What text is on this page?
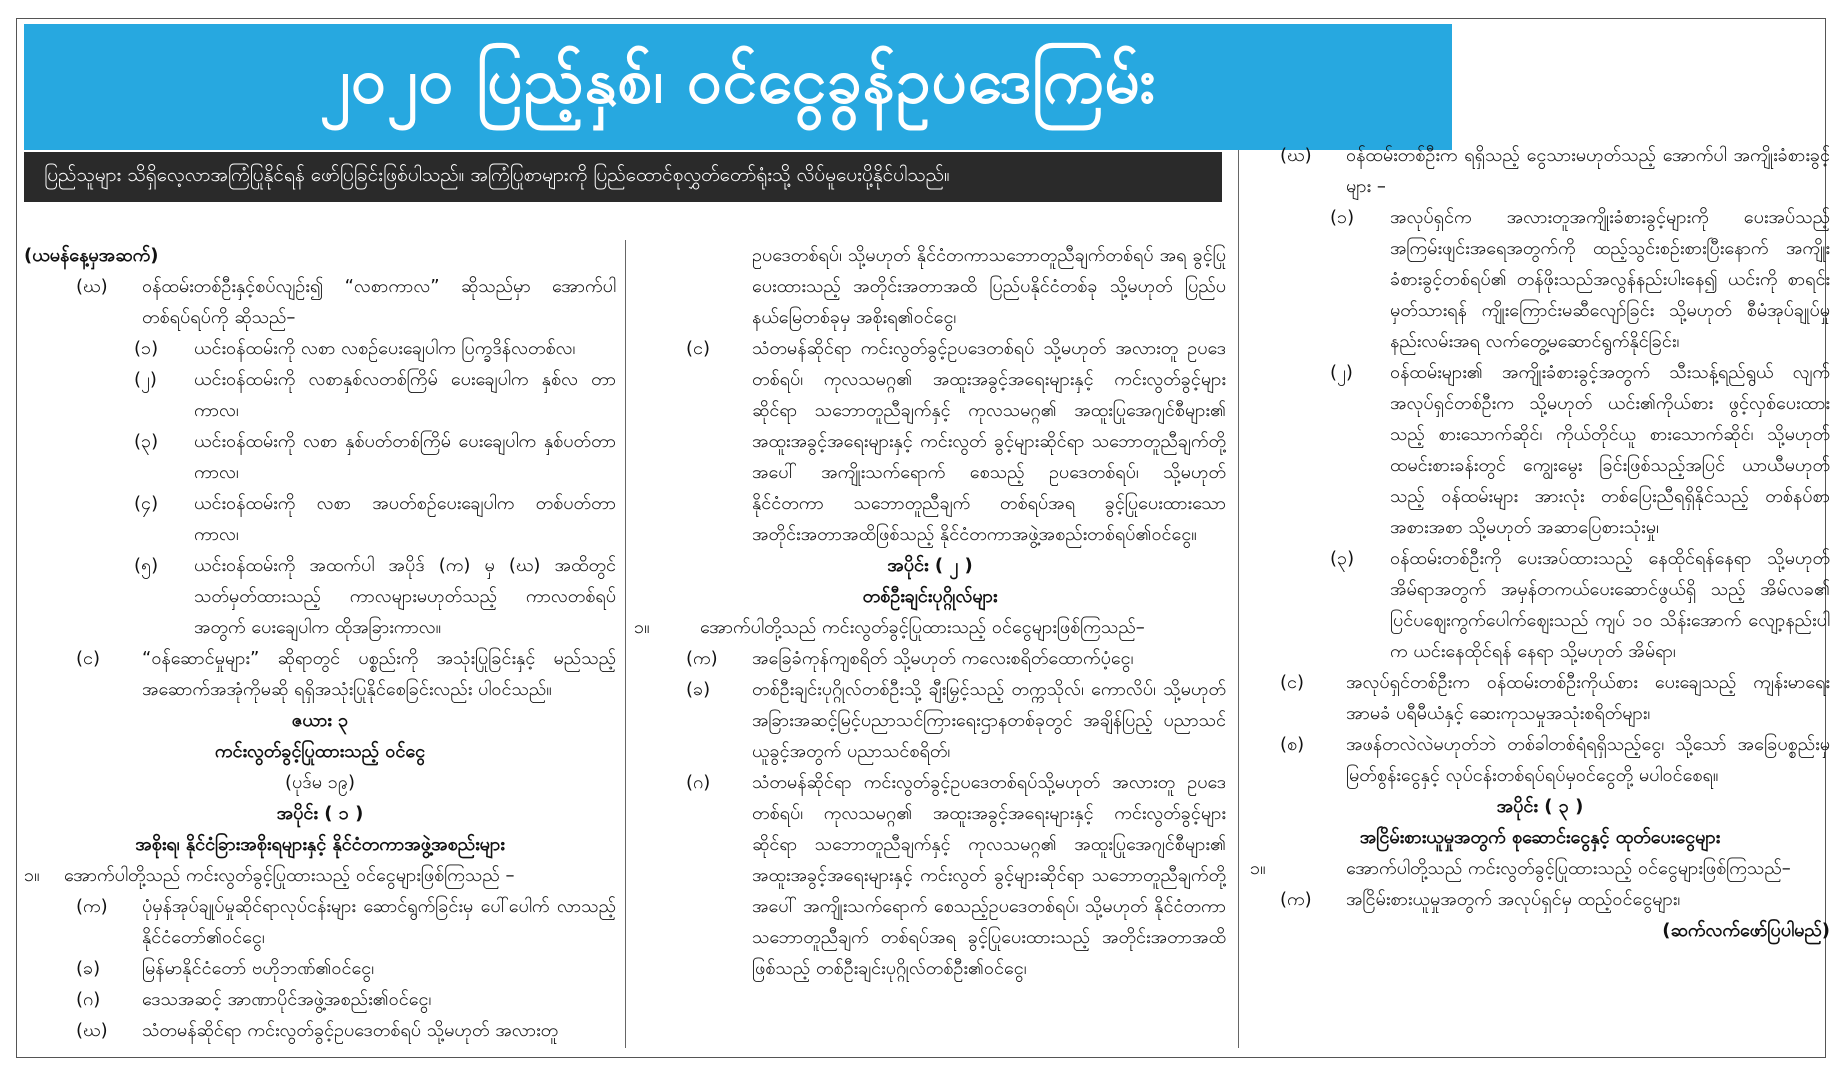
၂၀၂၀ ပြည့်နှစ်၊ ဝင်ငွေခွန်ဥပဒေကြမ်း
ပြည်သူများ သိရှိလေ့လာအကြံပြုနိုင်ရန် ဖော်ပြခြင်းဖြစ်ပါသည်။ အကြံပြုစာများကို ပြည်ထောင်စုလွှတ်တော်ရုံးသို့ လိပ်မူပေးပို့နိုင်ပါသည်။
(ယမန်နေ့မှအဆက်)
(ဃ)	ဝန်ထမ်းတစ်ဦးနှင့်စပ်လျဉ်း၍ “လစာကာလ” ဆိုသည်မှာ အောက်ပါတစ်ရပ်ရပ်ကို ဆိုသည်–
(၁)	ယင်းဝန်ထမ်းကို လစာ လစဉ်ပေးချေပါက ပြက္ခဒိန်လတစ်လ၊
(၂)	ယင်းဝန်ထမ်းကို လစာနှစ်လတစ်ကြိမ် ပေးချေပါက နှစ်လ တာကာလ၊
(၃)	ယင်းဝန်ထမ်းကို လစာ နှစ်ပတ်တစ်ကြိမ် ပေးချေပါက နှစ်ပတ်တာကာလ၊
(၄)	ယင်းဝန်ထမ်းကို လစာ အပတ်စဉ်ပေးချေပါက တစ်ပတ်တာ ကာလ၊
(၅)	ယင်းဝန်ထမ်းကို အထက်ပါ အပိုဒ် (က) မှ (ဃ) အထိတွင် သတ်မှတ်ထားသည့် ကာလများမဟုတ်သည့် ကာလတစ်ရပ် အတွက် ပေးချေပါက ထိုအခြားကာလ။
(င)	“ဝန်ဆောင်မှုများ” ဆိုရာတွင် ပစ္စည်းကို အသုံးပြုခြင်းနှင့် မည်သည့် အဆောက်အအုံကိုမဆို ရရှိအသုံးပြုနိုင်စေခြင်းလည်း ပါဝင်သည်။
ဇယား ၃
ကင်းလွတ်ခွင့်ပြုထားသည့် ဝင်ငွေ
(ပုဒ်မ ၁၉)
အပိုင်း ( ၁ )
အစိုးရ၊ နိုင်ငံခြားအစိုးရများနှင့် နိုင်ငံတကာအဖွဲ့အစည်းများ
၁။	အောက်ပါတို့သည် ကင်းလွတ်ခွင့်ပြုထားသည့် ဝင်ငွေများဖြစ်ကြသည် –
(က)	ပုံမှန်အုပ်ချုပ်မှုဆိုင်ရာလုပ်ငန်းများ ဆောင်ရွက်ခြင်းမှ ပေါ်ပေါက် လာသည့် နိုင်ငံတော်၏ဝင်ငွေ၊
(ခ)	မြန်မာနိုင်ငံတော် ဗဟိုဘဏ်၏ဝင်ငွေ၊
(ဂ)	ဒေသအဆင့် အာဏာပိုင်အဖွဲ့အစည်း၏ဝင်ငွေ၊
(ဃ)	သံတမန်ဆိုင်ရာ ကင်းလွတ်ခွင့်ဥပဒေတစ်ရပ် သို့မဟုတ် အလားတူ
ဥပဒေတစ်ရပ်၊ သို့မဟုတ် နိုင်ငံတကာသဘောတူညီချက်တစ်ရပ် အရ ခွင့်ပြုပေးထားသည့် အတိုင်းအတာအထိ ပြည်ပနိုင်ငံတစ်ခု သို့မဟုတ် ပြည်ပနယ်မြေတစ်ခုမှ အစိုးရ၏ဝင်ငွေ၊
(င)	သံတမန်ဆိုင်ရာ ကင်းလွတ်ခွင့်ဥပဒေတစ်ရပ် သို့မဟုတ် အလားတူ ဥပဒေတစ်ရပ်၊ ကုလသမဂ္ဂ၏ အထူးအခွင့်အရေးများနှင့် ကင်းလွတ်ခွင့်များဆိုင်ရာ သဘောတူညီချက်နှင့် ကုလသမဂ္ဂ၏ အထူးပြုအေဂျင်စီများ၏ အထူးအခွင့်အရေးများနှင့် ကင်းလွတ် ခွင့်များဆိုင်ရာ သဘောတူညီချက်တို့အပေါ် အကျိုးသက်ရောက် စေသည့် ဥပဒေတစ်ရပ်၊ သို့မဟုတ် နိုင်ငံတကာ သဘောတူညီချက် တစ်ရပ်အရ ခွင့်ပြုပေးထားသော အတိုင်းအတာအထိဖြစ်သည့် နိုင်ငံတကာအဖွဲ့အစည်းတစ်ရပ်၏ဝင်ငွေ။
အပိုင်း ( ၂ )
တစ်ဦးချင်းပုဂ္ဂိုလ်များ
၁။	အောက်ပါတို့သည် ကင်းလွတ်ခွင့်ပြုထားသည့် ဝင်ငွေများဖြစ်ကြသည်–
(က)	အခြေခံကုန်ကျစရိတ် သို့မဟုတ် ကလေးစရိတ်ထောက်ပံ့ငွေ၊
(ခ)	တစ်ဦးချင်းပုဂ္ဂိုလ်တစ်ဦးသို့ ချီးမြှင့်သည့် တက္ကသိုလ်၊ ကောလိပ်၊ သို့မဟုတ် အခြားအဆင့်မြင့်ပညာသင်ကြားရေးဌာနတစ်ခုတွင် အချိန်ပြည့် ပညာသင်ယူခွင့်အတွက် ပညာသင်စရိတ်၊
(ဂ)	သံတမန်ဆိုင်ရာ ကင်းလွတ်ခွင့်ဥပဒေတစ်ရပ်သို့မဟုတ် အလားတူ ဥပဒေတစ်ရပ်၊ ကုလသမဂ္ဂ၏ အထူးအခွင့်အရေးများနှင့် ကင်းလွတ်ခွင့်များဆိုင်ရာ သဘောတူညီချက်နှင့် ကုလသမဂ္ဂ၏ အထူးပြုအေဂျင်စီများ၏ အထူးအခွင့်အရေးများနှင့် ကင်းလွတ် ခွင့်များဆိုင်ရာ သဘောတူညီချက်တို့အပေါ် အကျိုးသက်ရောက် စေသည့်ဥပဒေတစ်ရပ်၊ သို့မဟုတ် နိုင်ငံတကာ သဘောတူညီချက် တစ်ရပ်အရ ခွင့်ပြုပေးထားသည့် အတိုင်းအတာအထိဖြစ်သည့် တစ်ဦးချင်းပုဂ္ဂိုလ်တစ်ဦး၏ဝင်ငွေ၊
(ဃ)	ဝန်ထမ်းတစ်ဦးက ရရှိသည့် ငွေသားမဟုတ်သည့် အောက်ပါ အကျိုးခံစားခွင့်များ –
(၁)	အလုပ်ရှင်က အလားတူအကျိုးခံစားခွင့်များကို ပေးအပ်သည့် အကြမ်းဖျင်းအရေအတွက်ကို ထည့်သွင်းစဉ်းစားပြီးနောက် အကျိုး ခံစားခွင့်တစ်ရပ်၏ တန်ဖိုးသည်အလွန်နည်းပါးနေ၍ ယင်းကို စာရင်းမှတ်သားရန် ကျိုးကြောင်းမဆီလျော်ခြင်း သို့မဟုတ် စီမံအုပ်ချုပ်မှုနည်းလမ်းအရ လက်တွေ့မဆောင်ရွက်နိုင်ခြင်း၊
(၂)	ဝန်ထမ်းများ၏ အကျိုးခံစားခွင့်အတွက် သီးသန့်ရည်ရွယ် လျက် အလုပ်ရှင်တစ်ဦးက သို့မဟုတ် ယင်း၏ကိုယ်စား ဖွင့်လှစ်ပေးထားသည့် စားသောက်ဆိုင်၊ ကိုယ်တိုင်ယူ စားသောက်ဆိုင်၊ သို့မဟုတ် ထမင်းစားခန်းတွင် ကျွေးမွေး ခြင်းဖြစ်သည့်အပြင် ယာယီမဟုတ်သည့် ဝန်ထမ်းများ အားလုံး တစ်ပြေးညီရရှိနိုင်သည့် တစ်နပ်စာအစားအစာ သို့မဟုတ် အဆာပြေစားသုံးမှု၊
(၃)	ဝန်ထမ်းတစ်ဦးကို ပေးအပ်ထားသည့် နေထိုင်ရန်နေရာ သို့မဟုတ် အိမ်ရာအတွက် အမှန်တကယ်ပေးဆောင်ဖွယ်ရှိ သည့် အိမ်လခ၏ ပြင်ပဈေးကွက်ပေါက်ဈေးသည် ကျပ် ၁၀ သိန်းအောက် လျော့နည်းပါက ယင်းနေထိုင်ရန် နေရာ သို့မဟုတ် အိမ်ရာ၊
(င)	အလုပ်ရှင်တစ်ဦးက ဝန်ထမ်းတစ်ဦးကိုယ်စား ပေးချေသည့် ကျန်းမာရေးအာမခံ ပရီမီယံနှင့် ဆေးကုသမှုအသုံးစရိတ်များ၊
(စ)	အဖန်တလဲလဲမဟုတ်ဘဲ တစ်ခါတစ်ရံရရှိသည့်ငွေ၊ သို့သော် အခြေပစ္စည်းမှ မြတ်စွန်းငွေနှင့် လုပ်ငန်းတစ်ရပ်ရပ်မှဝင်ငွေတို့ မပါဝင်စေရ။
အပိုင်း ( ၃ )
အငြိမ်းစားယူမှုအတွက် စုဆောင်းငွေနှင့် ထုတ်ပေးငွေများ
၁။	အောက်ပါတို့သည် ကင်းလွတ်ခွင့်ပြုထားသည့် ဝင်ငွေများဖြစ်ကြသည်–
(က)	အငြိမ်းစားယူမှုအတွက် အလုပ်ရှင်မှ ထည့်ဝင်ငွေများ၊
(ဆက်လက်ဖော်ပြပါမည်)
